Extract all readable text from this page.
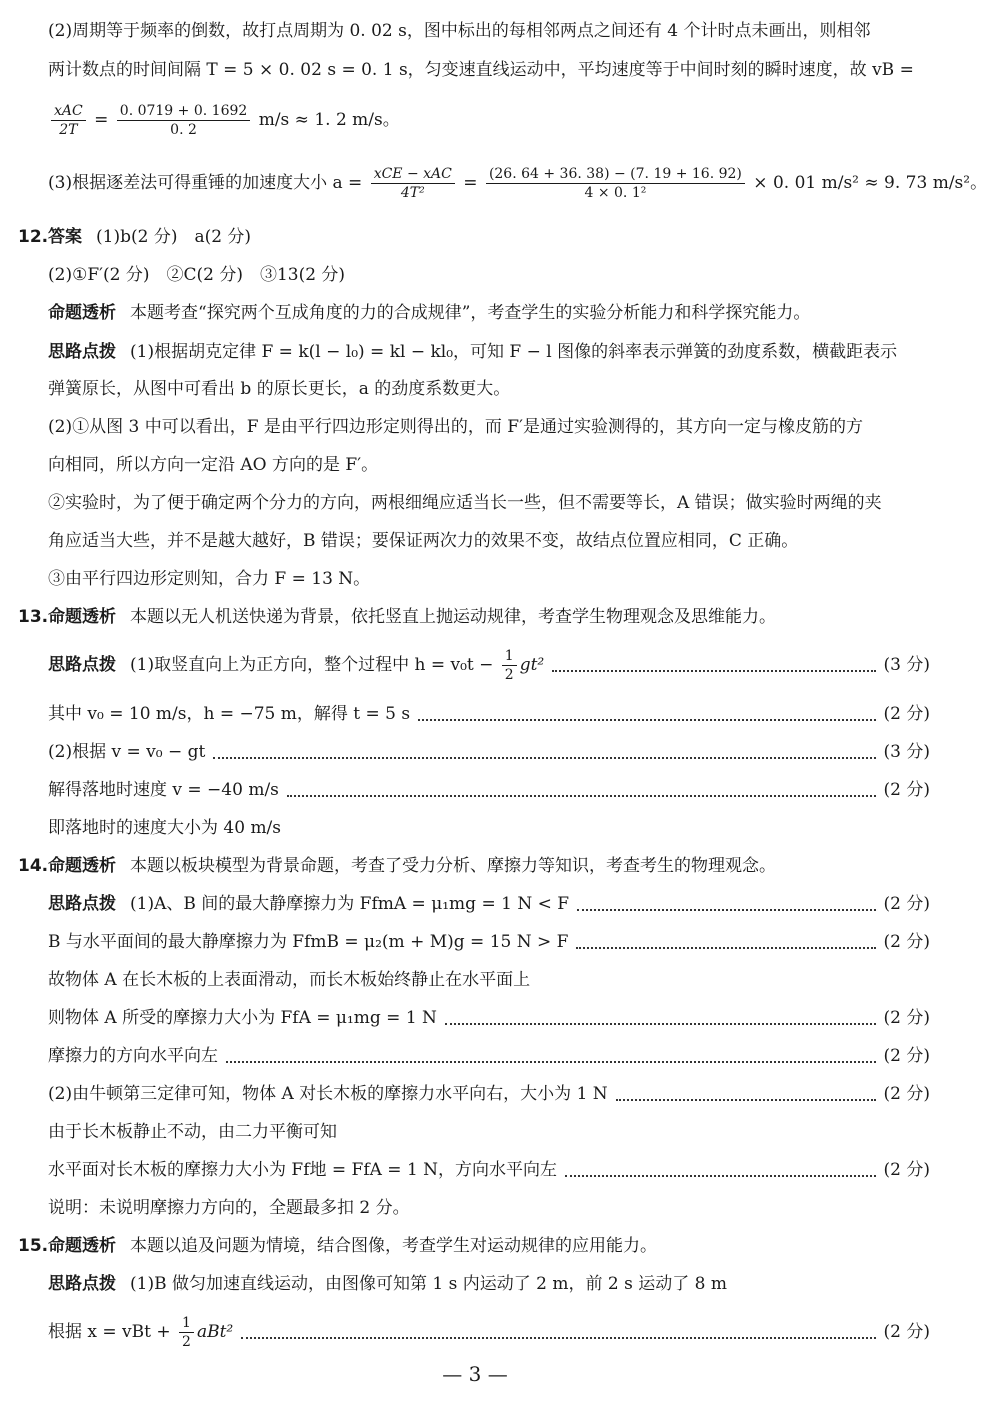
(2)周期等于频率的倒数，故打点周期为 0. 02 s，图中标出的每相邻两点之间还有 4 个计时点未画出，则相邻
两计数点的时间间隔 T = 5 × 0. 02 s = 0. 1 s，匀变速直线运动中，平均速度等于中间时刻的瞬时速度，故 vB =
$\frac{\text{xAC}}{2T} = \frac{0. 0719 + 0. 1692}{0. 2} m/s \approx 1$. 2 m/s。
(3)根据逐差法可得重锤的加速度大小 $a = \frac{\text{xCE − xAC}}{\text{4T²}} = \frac{(26. 64 + 36. 38) - (7. 19 + 16. 92)}{\text{4 × 0. 1²}} \times 0$. 01 m/s² ≈ 9. 73 m/s²。
12. 答案 (1)b(2 分)　a(2 分)
(2)①F′(2 分)　②C(2 分)　③13(2 分)
命题透析 本题考查“探究两个互成角度的力的合成规律”，考查学生的实验分析能力和科学探究能力。
思路点拨 (1)根据胡克定律 F = k(l − l₀) = kl − kl₀，可知 F − l 图像的斜率表示弹簧的劲度系数，横截距表示
弹簧原长，从图中可看出 b 的原长更长，a 的劲度系数更大。
(2)①从图 3 中可以看出，F 是由平行四边形定则得出的，而 F′是通过实验测得的，其方向一定与橡皮筋的方
向相同，所以方向一定沿 AO 方向的是 F′。
②实验时，为了便于确定两个分力的方向，两根细绳应适当长一些，但不需要等长，A 错误；做实验时两绳的夹
角应适当大些，并不是越大越好，B 错误；要保证两次力的效果不变，故结点位置应相同，C 正确。
③由平行四边形定则知，合力 F = 13 N。
13. 命题透析 本题以无人机送快递为背景，依托竖直上抛运动规律，考查学生物理观念及思维能力。
思路点拨 (1)取竖直向上为正方向，整个过程中 $h = v_0t - \frac{1}{2} gt^2$	(3 分)
其中 v₀ = 10 m/s，h = −75 m，解得 t = 5 s	(2 分)
(2)根据 v = v₀ − gt	(3 分)
解得落地时速度 v = −40 m/s	(2 分)
即落地时的速度大小为 40 m/s
14. 命题透析 本题以板块模型为背景命题，考查了受力分析、摩擦力等知识，考查考生的物理观念。
思路点拨 (1)A、B 间的最大静摩擦力为 FfmA = μ₁mg = 1 N < F	(2 分)
B 与水平面间的最大静摩擦力为 FfmB = μ₂(m + M)g = 15 N > F	(2 分)
故物体 A 在长木板的上表面滑动，而长木板始终静止在水平面上
则物体 A 所受的摩擦力大小为 FfA = μ₁mg = 1 N	(2 分)
摩擦力的方向水平向左	(2 分)
(2)由牛顿第三定律可知，物体 A 对长木板的摩擦力水平向右，大小为 1 N	(2 分)
由于长木板静止不动，由二力平衡可知
水平面对长木板的摩擦力大小为 Ff地 = FfA = 1 N，方向水平向左	(2 分)
说明：未说明摩擦力方向的，全题最多扣 2 分。
15. 命题透析 本题以追及问题为情境，结合图像，考查学生对运动规律的应用能力。
思路点拨 (1)B 做匀加速直线运动，由图像可知第 1 s 内运动了 2 m，前 2 s 运动了 8 m
根据 x = vBt + $\frac{1}{2} aBt^2$	(2 分)
— 3 —
